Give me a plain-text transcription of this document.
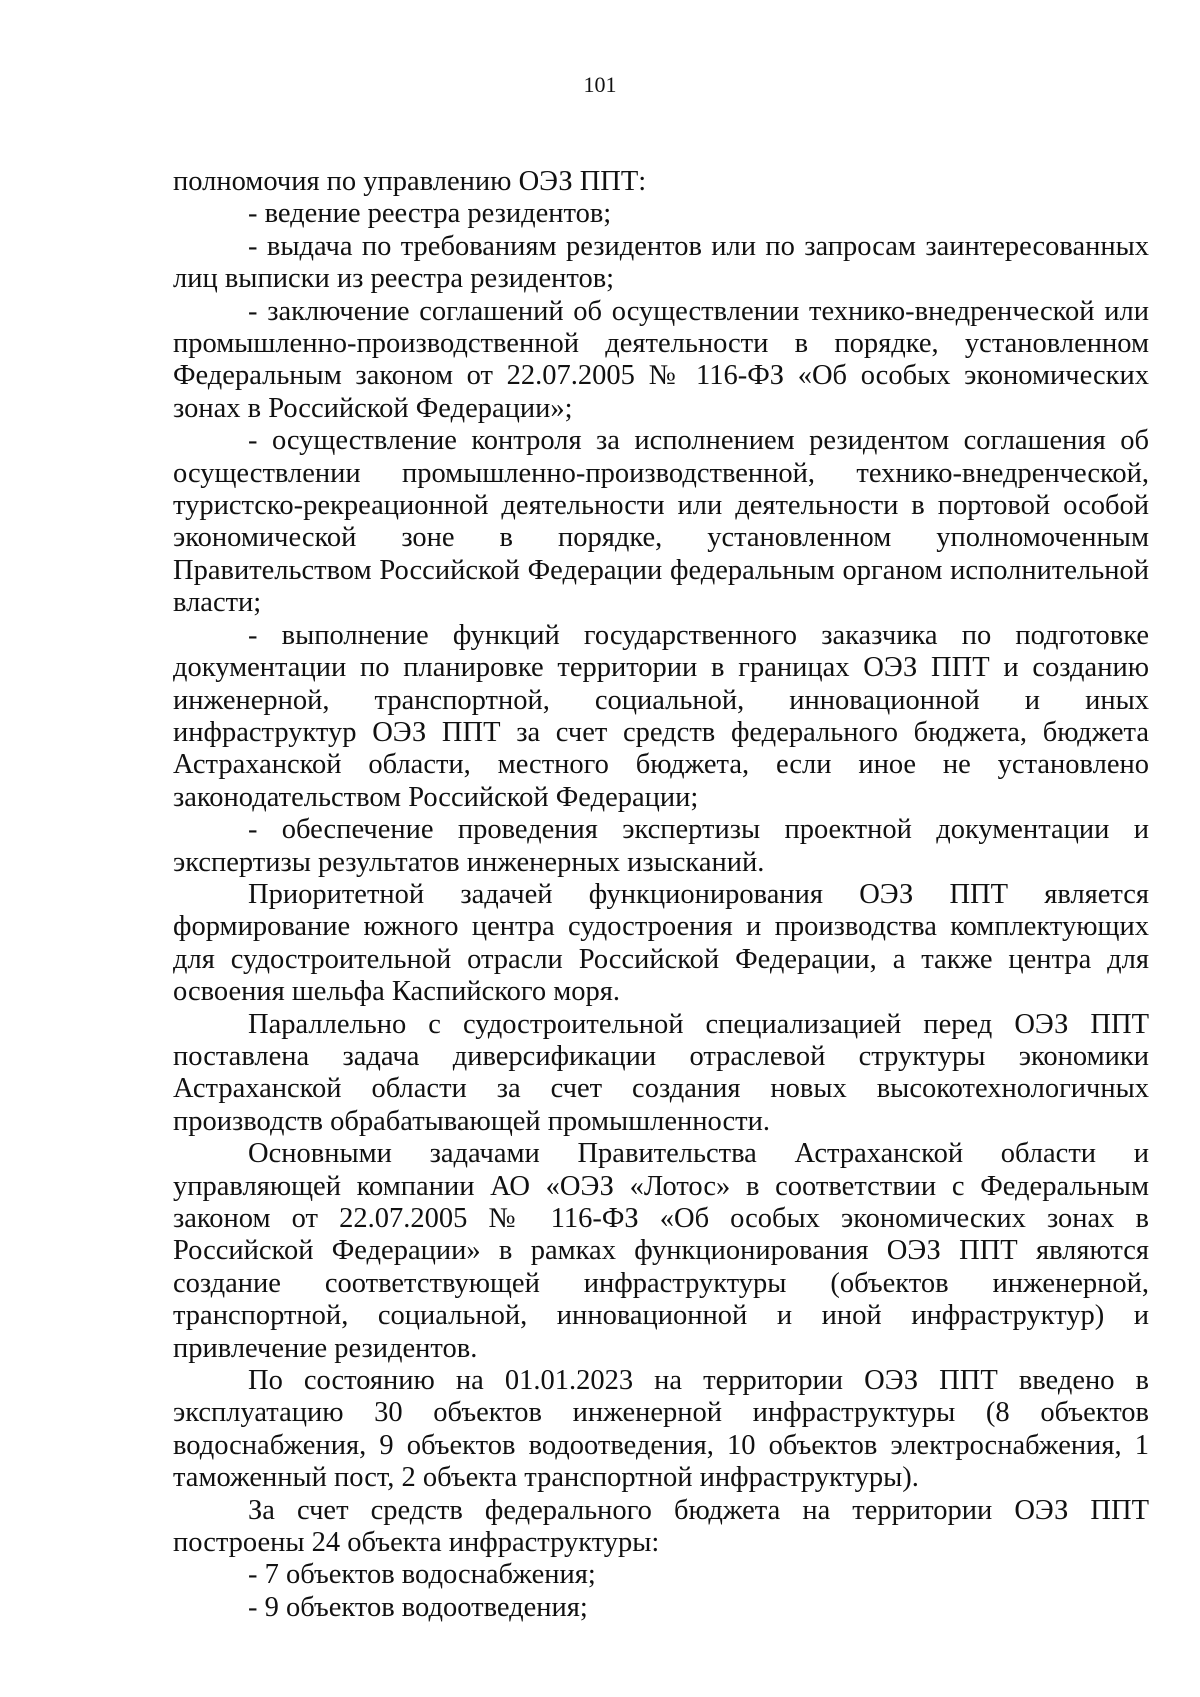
101

полномочия по управлению ОЭЗ ППТ:

- ведение реестра резидентов;

- выдача по требованиям резидентов или по запросам заинтересованных лиц выписки из реестра резидентов;

- заключение соглашений об осуществлении технико-внедренческой или промышленно-производственной деятельности в порядке, установленном Федеральным законом от 22.07.2005 № 116-ФЗ «Об особых экономических зонах в Российской Федерации»;

- осуществление контроля за исполнением резидентом соглашения об осуществлении промышленно-производственной, технико-внедренческой, туристско-рекреационной деятельности или деятельности в портовой особой экономической зоне в порядке, установленном уполномоченным Правительством Российской Федерации федеральным органом исполнительной власти;

- выполнение функций государственного заказчика по подготовке документации по планировке территории в границах ОЭЗ ППТ и созданию инженерной, транспортной, социальной, инновационной и иных инфраструктур ОЭЗ ППТ за счет средств федерального бюджета, бюджета Астраханской области, местного бюджета, если иное не установлено законодательством Российской Федерации;

- обеспечение проведения экспертизы проектной документации и экспертизы результатов инженерных изысканий.

Приоритетной задачей функционирования ОЭЗ ППТ является формирование южного центра судостроения и производства комплектующих для судостроительной отрасли Российской Федерации, а также центра для освоения шельфа Каспийского моря.

Параллельно с судостроительной специализацией перед ОЭЗ ППТ поставлена задача диверсификации отраслевой структуры экономики Астраханской области за счет создания новых высокотехнологичных производств обрабатывающей промышленности.

Основными задачами Правительства Астраханской области и управляющей компании АО «ОЭЗ «Лотос» в соответствии с Федеральным законом от 22.07.2005 № 116-ФЗ «Об особых экономических зонах в Российской Федерации» в рамках функционирования ОЭЗ ППТ являются создание соответствующей инфраструктуры (объектов инженерной, транспортной, социальной, инновационной и иной инфраструктур) и привлечение резидентов.

По состоянию на 01.01.2023 на территории ОЭЗ ППТ введено в эксплуатацию 30 объектов инженерной инфраструктуры (8 объектов водоснабжения, 9 объектов водоотведения, 10 объектов электроснабжения, 1 таможенный пост, 2 объекта транспортной инфраструктуры).

За счет средств федерального бюджета на территории ОЭЗ ППТ построены 24 объекта инфраструктуры:

- 7 объектов водоснабжения;

- 9 объектов водоотведения;
